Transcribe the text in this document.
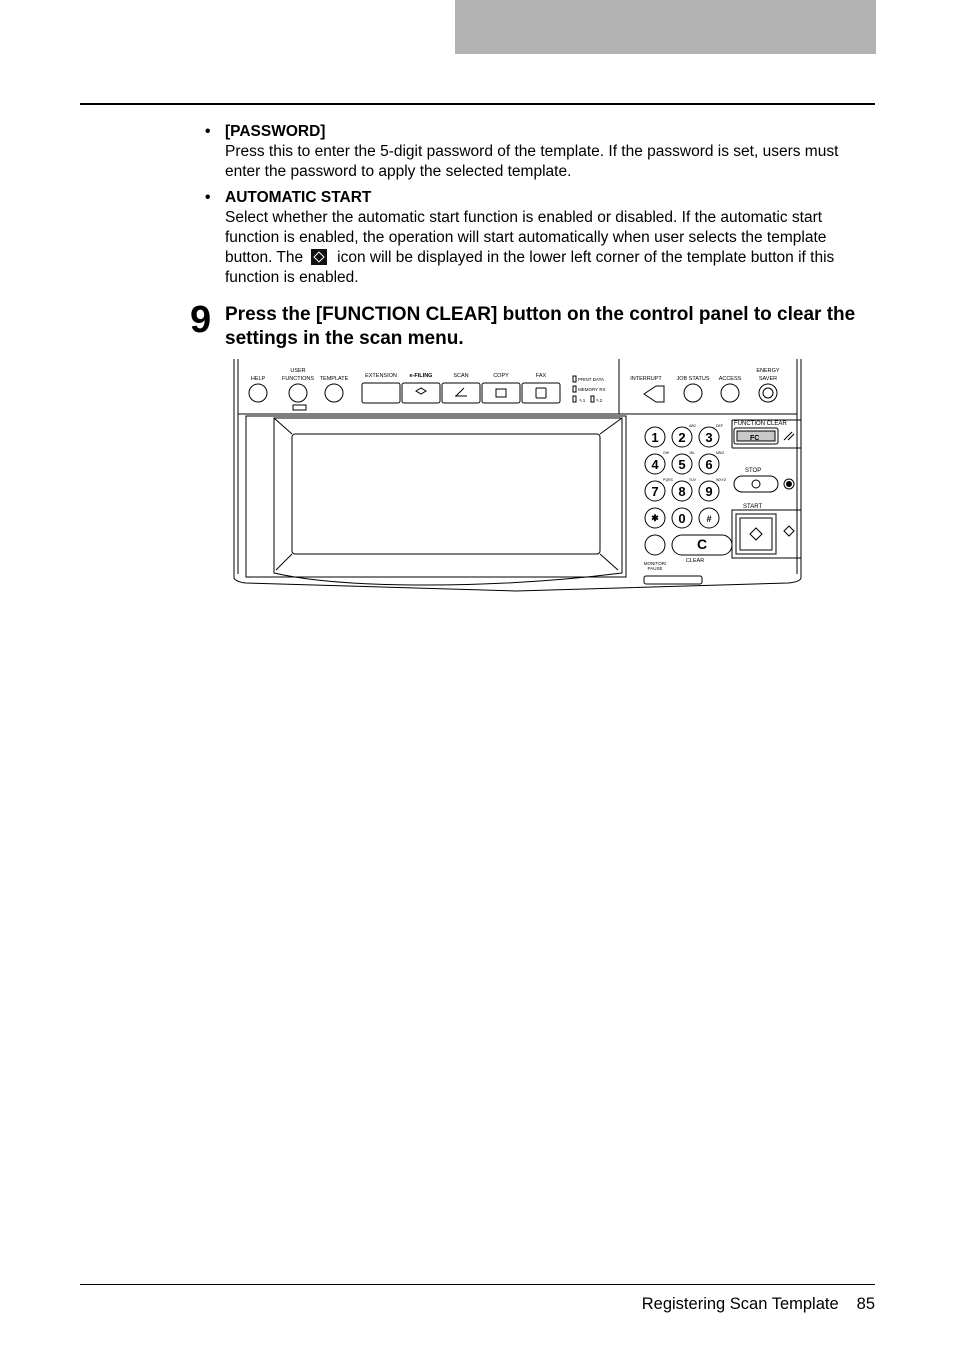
• [PASSWORD]

Press this to enter the 5-digit password of the template. If the password is set, users must enter the password to apply the selected template.

• AUTOMATIC START

Select whether the automatic start function is enabled or disabled. If the automatic start function is enabled, the operation will start automatically when user selects the template button. The icon will be displayed in the lower left corner of the template button if this function is enabled.

9 Press the [FUNCTION CLEAR] button on the control panel to clear the settings in the scan menu.
1 2 3
4 5 6
7 8 9
0
✱	#
C
HELP
USER
FUNCTIONS TEMPLATE	EXTENSION e-FILING	SCAN	COPY	FAX	INTERRUPT	JOB STATUS ACCESS
ENERGY
SAVER
MONITOR/
PAUSE
CLEAR
PRINT DATA
MEMORY RX
↖1 ↖2
FUNCTION CLEAR
FC
STOP
START
ABC	DEF
GHI	JKL	MNO
PQRS	TUV	WXYZ
Registering Scan Template 85
